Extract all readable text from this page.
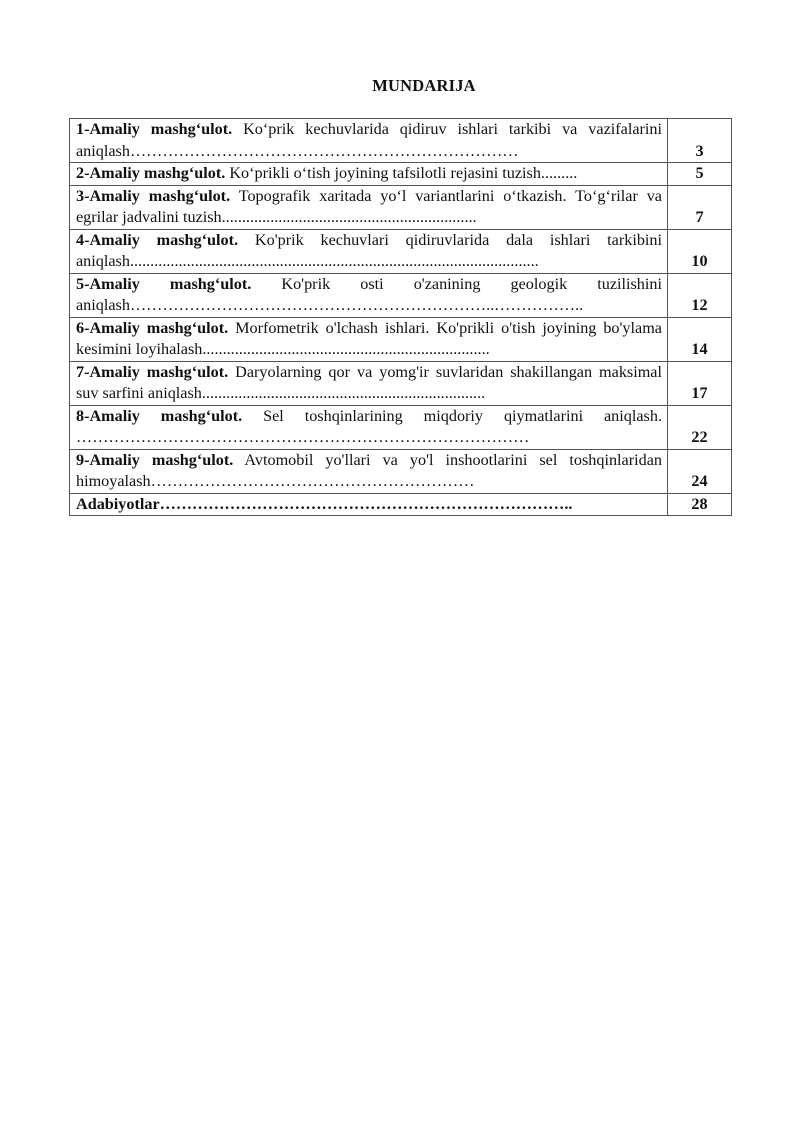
MUNDARIJA
1-Amaliy mashg‘ulot. Ko‘prik kechuvlarida qidiruv ishlari tarkibi va vazifalarini aniqlash………………………………………………………………	3
2-Amaliy mashg‘ulot. Ko‘prikli o‘tish joyining tafsilotli rejasini tuzish.........	5
3-Amaliy mashg‘ulot. Topografik xaritada yo‘l variantlarini o‘tkazish. To‘g‘rilar va egrilar jadvalini tuzish...............................................................	7
4-Amaliy mashg‘ulot. Ko'prik kechuvlari qidiruvlarida dala ishlari tarkibini aniqlash.....................................................................................................	10
5-Amaliy mashg‘ulot. Ko'prik osti o'zanining geologik tuzilishini aniqlash…………………………………………………………..……………..	12
6-Amaliy mashg‘ulot. Morfometrik o'lchash ishlari. Ko'prikli o'tish joyining bo'ylama kesimini loyihalash.......................................................................	14
7-Amaliy mashg‘ulot. Daryolarning qor va yomg'ir suvlaridan shakillangan maksimal suv sarfini aniqlash......................................................................	17
8-Amaliy mashg‘ulot. Sel toshqinlarining miqdoriy qiymatlarini aniqlash. …………………………………………………………………………	22
9-Amaliy mashg‘ulot. Avtomobil yo'llari va yo'l inshootlarini sel toshqinlaridan himoyalash……………………………………………………	24
Adabiyotlar…………………………………………………………………..	28
